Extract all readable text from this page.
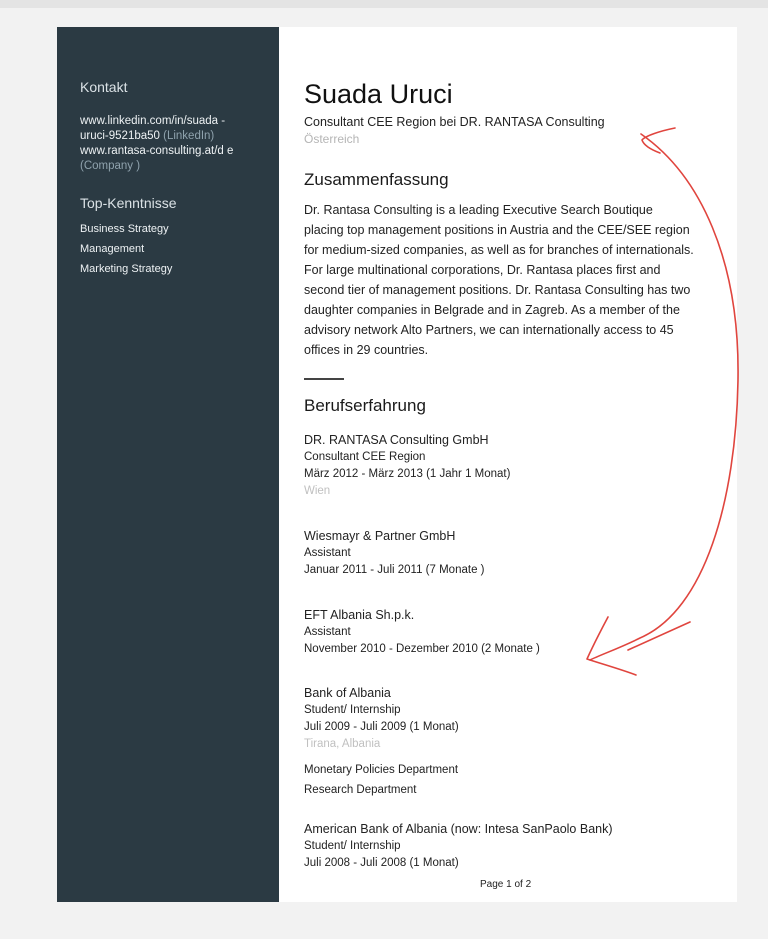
Kontakt
www.linkedin.com/in/suada -
uruci-9521ba50 (LinkedIn)
www.rantasa-consulting.at/d e
(Company )
Top-Kenntnisse
Business Strategy
Management
Marketing Strategy
Suada Uruci
Consultant CEE Region bei DR. RANTASA Consulting
Österreich
Zusammenfassung
Dr. Rantasa Consulting is a leading Executive Search Boutique placing top management positions in Austria and the CEE/SEE region for medium-sized companies, as well as for branches of internationals. For large multinational corporations, Dr. Rantasa places first and second tier of management positions. Dr. Rantasa Consulting has two daughter companies in Belgrade and in Zagreb. As a member of the advisory network Alto Partners, we can internationally access to 45 offices in 29 countries.
Berufserfahrung
DR. RANTASA Consulting GmbH
Consultant CEE Region
März 2012 - März 2013 (1 Jahr 1 Monat)
Wien
Wiesmayr & Partner GmbH
Assistant
Januar 2011 - Juli 2011 (7 Monate )
EFT Albania Sh.p.k.
Assistant
November 2010 - Dezember 2010 (2 Monate )
Bank of Albania
Student/ Internship
Juli 2009 - Juli 2009 (1 Monat)
Tirana, Albania
Monetary Policies Department
Research Department
American Bank of Albania (now: Intesa SanPaolo Bank)
Student/ Internship
Juli 2008 - Juli 2008 (1 Monat)
Page 1 of 2
